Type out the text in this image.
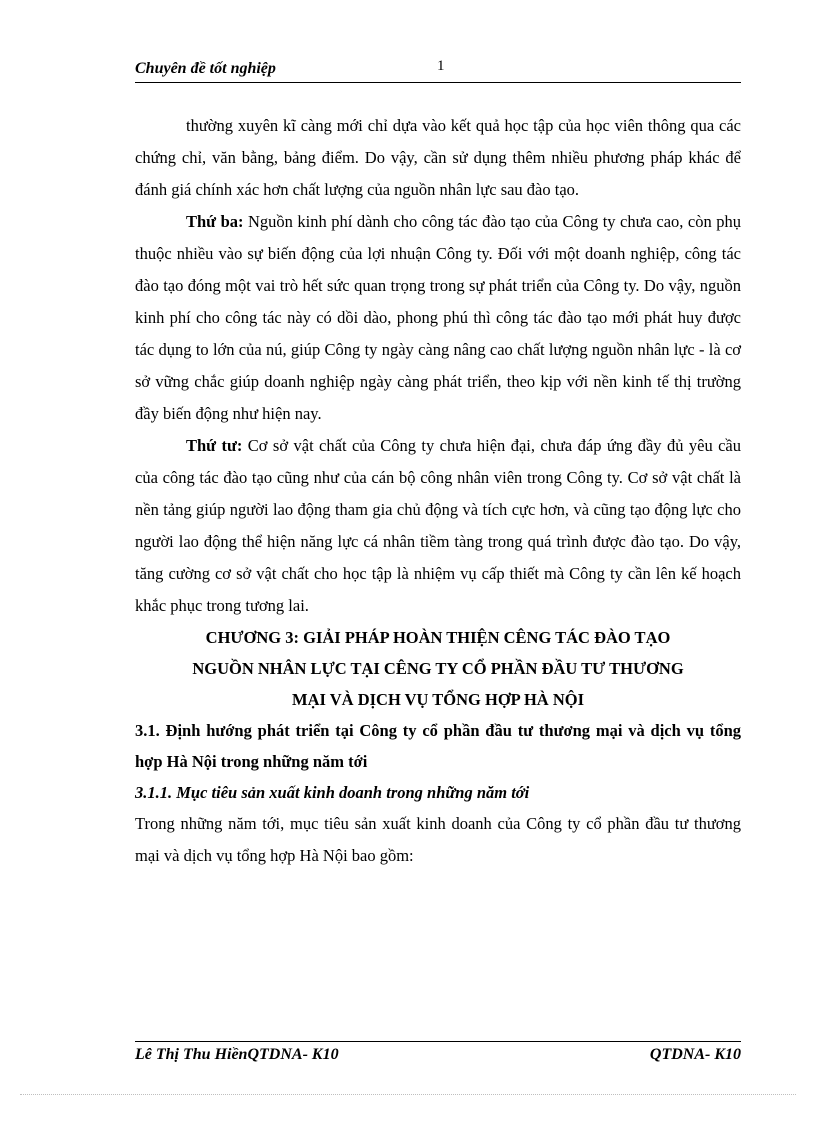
Chuyên đề tốt nghiệp	1

thường xuyên kĩ càng mới chỉ dựa vào kết quả học tập của học viên thông qua các chứng chỉ, văn bằng, bảng điểm. Do vậy, cần sử dụng thêm nhiều phương pháp khác để đánh giá chính xác hơn chất lượng của nguồn nhân lực sau đào tạo.

Thứ ba: Nguồn kinh phí dành cho công tác đào tạo của Công ty chưa cao, còn phụ thuộc nhiều vào sự biến động của lợi nhuận Công ty. Đối với một doanh nghiệp, công tác đào tạo đóng một vai trò hết sức quan trọng trong sự phát triển của Công ty. Do vậy, nguồn kinh phí cho công tác này có dồi dào, phong phú thì công tác đào tạo mới phát huy được tác dụng to lớn của nú, giúp Công ty ngày càng nâng cao chất lượng nguồn nhân lực - là cơ sở vững chắc giúp doanh nghiệp ngày càng phát triển, theo kịp với nền kinh tế thị trường đầy biến động như hiện nay.

Thứ tư: Cơ sở vật chất của Công ty chưa hiện đại, chưa đáp ứng đầy đủ yêu cầu của công tác đào tạo cũng như của cán bộ công nhân viên trong Công ty. Cơ sở vật chất là nền tảng giúp người lao động tham gia chủ động và tích cực hơn, và cũng tạo động lực cho người lao động thể hiện năng lực cá nhân tiềm tàng trong quá trình được đào tạo. Do vậy, tăng cường cơ sở vật chất cho học tập là nhiệm vụ cấp thiết mà Công ty cần lên kế hoạch khắc phục trong tương lai.

CHƯƠNG 3: GIẢI PHÁP HOÀN THIỆN CÊNG TÁC ĐÀO TẠO

NGUỒN NHÂN LỰC TẠI CÊNG TY CỔ PHẦN ĐẦU TƯ THƯƠNG

MẠI VÀ DỊCH VỤ TỔNG HỢP HÀ NỘI

3.1. Định hướng phát triển tại Công ty cổ phần đầu tư thương mại và dịch vụ tổng hợp Hà Nội trong những năm tới

3.1.1. Mục tiêu sản xuất kinh doanh trong những năm tới

Trong những năm tới, mục tiêu sản xuất kinh doanh của Công ty cổ phần đầu tư thương mại và dịch vụ tổng hợp Hà Nội bao gồm:

Lê Thị Thu HiềnQTDNA- K10	QTDNA- K10
